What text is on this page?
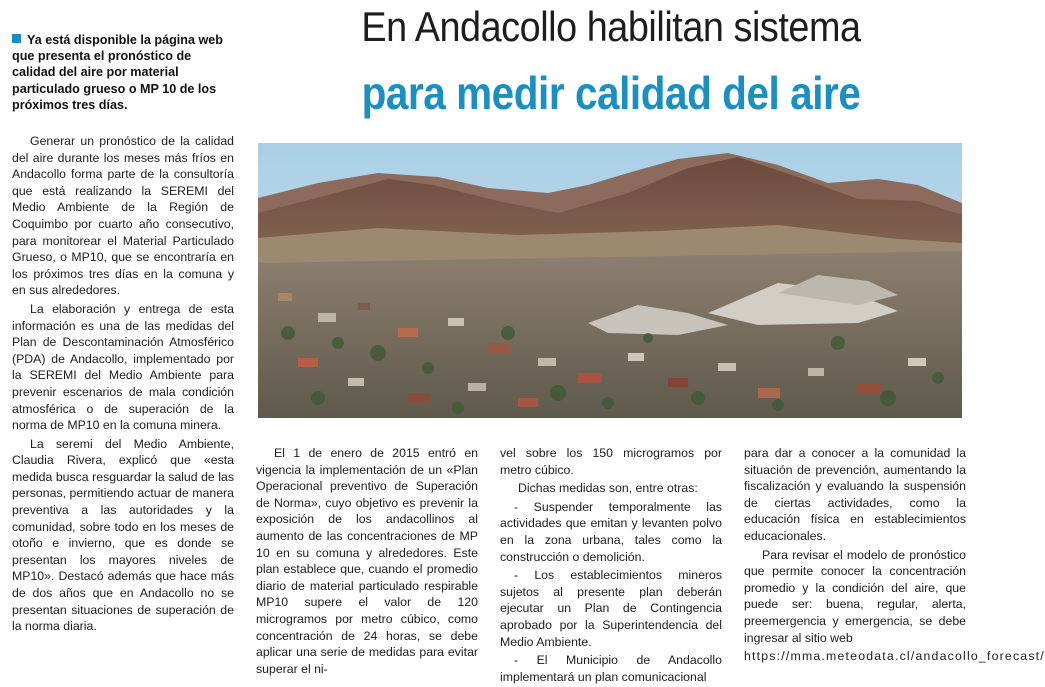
En Andacollo habilitan sistema
para medir calidad del aire
Ya está disponible la página web que presenta el pronóstico de calidad del aire por material particulado grueso o MP 10 de los próximos tres días.

Generar un pronóstico de la calidad del aire durante los meses más fríos en Andacollo forma parte de la consultoría que está realizando la SEREMI del Medio Ambiente de la Región de Coquimbo por cuarto año consecutivo, para monitorear el Material Particulado Grueso, o MP10, que se encontraría en los próximos tres días en la comuna y en sus alrededores.

La elaboración y entrega de esta información es una de las medidas del Plan de Descontaminación Atmosférico (PDA) de Andacollo, implementado por la SEREMI del Medio Ambiente para prevenir escenarios de mala condición atmosférica o de superación de la norma de MP10 en la comuna minera.

La seremi del Medio Ambiente, Claudia Rivera, explicó que «esta medida busca resguardar la salud de las personas, permitiendo actuar de manera preventiva a las autoridades y la comunidad, sobre todo en los meses de otoño e invierno, que es donde se presentan los mayores niveles de MP10». Destacó además que hace más de dos años que en Andacollo no se presentan situaciones de superación de la norma diaria.

El 1 de enero de 2015 entró en vigencia la implementación de un «Plan Operacional preventivo de Superación de Norma», cuyo objetivo es prevenir la exposición de los andacollinos al aumento de las concentraciones de MP 10 en su comuna y alrededores. Este plan establece que, cuando el promedio diario de material particulado respirable MP10 supere el valor de 120 microgramos por metro cúbico, como concentración de 24 horas, se debe aplicar una serie de medidas para evitar superar el ni-

vel sobre los 150 microgramos por metro cúbico.

Dichas medidas son, entre otras:

- Suspender temporalmente las actividades que emitan y levanten polvo en la zona urbana, tales como la construcción o demolición.

- Los establecimientos mineros sujetos al presente plan deberán ejecutar un Plan de Contingencia aprobado por la Superintendencia del Medio Ambiente.

- El Municipio de Andacollo implementará un plan comunicacional

para dar a conocer a la comunidad la situación de prevención, aumentando la fiscalización y evaluando la suspensión de ciertas actividades, como la educación física en establecimientos educacionales.

Para revisar el modelo de pronóstico que permite conocer la concentración promedio y la condición del aire, que puede ser: buena, regular, alerta, preemergencia y emergencia, se debe ingresar al sitio web

https://mma.meteodata.cl/andacollo_forecast/
